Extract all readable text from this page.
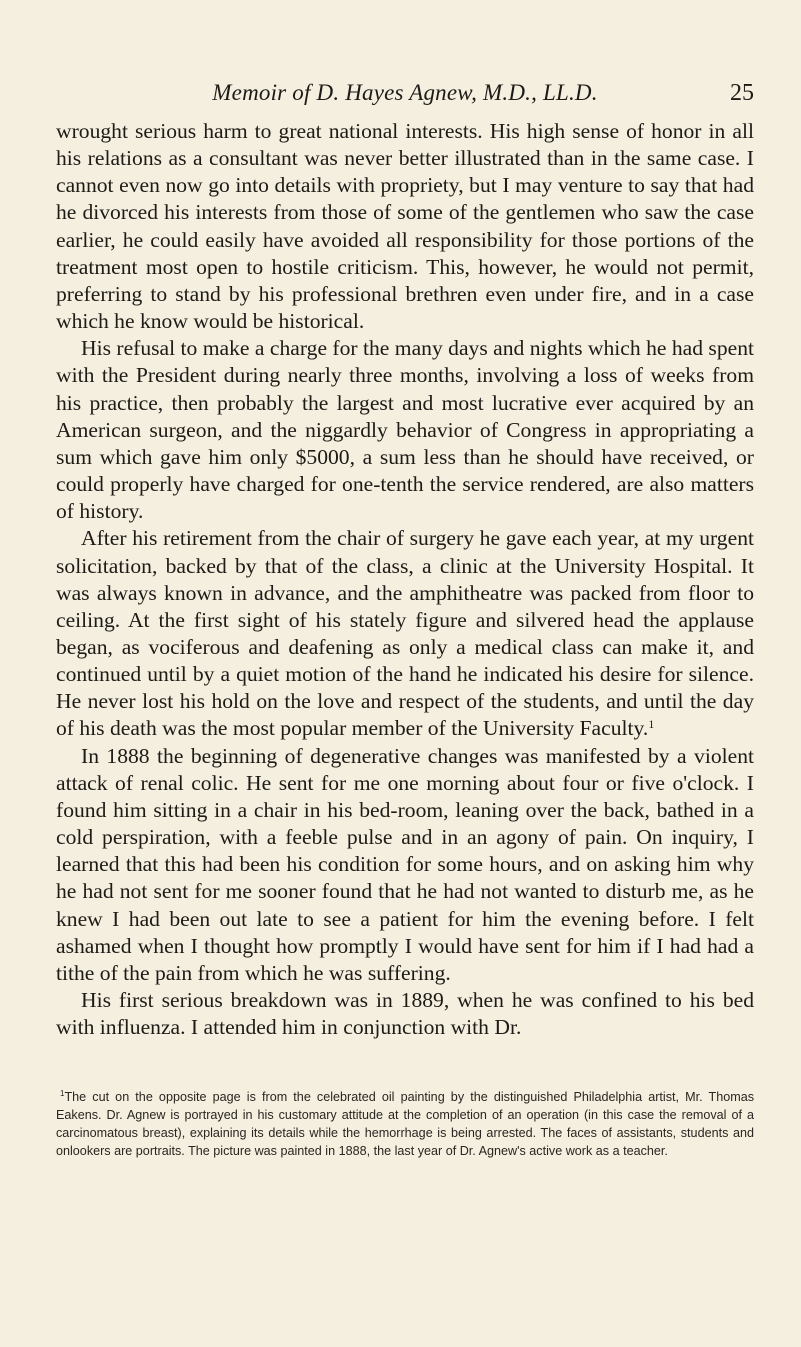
Memoir of D. Hayes Agnew, M.D., LL.D.	25

wrought serious harm to great national interests. His high sense of honor in all his relations as a consultant was never better illustrated than in the same case. I cannot even now go into details with propriety, but I may venture to say that had he divorced his interests from those of some of the gentlemen who saw the case earlier, he could easily have avoided all responsibility for those portions of the treatment most open to hostile criticism. This, however, he would not permit, preferring to stand by his professional brethren even under fire, and in a case which he know would be historical.

His refusal to make a charge for the many days and nights which he had spent with the President during nearly three months, involving a loss of weeks from his practice, then probably the largest and most lucrative ever acquired by an American surgeon, and the niggardly behavior of Congress in appropriating a sum which gave him only $5000, a sum less than he should have received, or could properly have charged for one-tenth the service rendered, are also matters of history.

After his retirement from the chair of surgery he gave each year, at my urgent solicitation, backed by that of the class, a clinic at the University Hospital. It was always known in advance, and the amphitheatre was packed from floor to ceiling. At the first sight of his stately figure and silvered head the applause began, as vociferous and deafening as only a medical class can make it, and continued until by a quiet motion of the hand he indicated his desire for silence. He never lost his hold on the love and respect of the students, and until the day of his death was the most popular member of the University Faculty.$^1$

In 1888 the beginning of degenerative changes was manifested by a violent attack of renal colic. He sent for me one morning about four or five o'clock. I found him sitting in a chair in his bed-room, leaning over the back, bathed in a cold perspiration, with a feeble pulse and in an agony of pain. On inquiry, I learned that this had been his condition for some hours, and on asking him why he had not sent for me sooner found that he had not wanted to disturb me, as he knew I had been out late to see a patient for him the evening before. I felt ashamed when I thought how promptly I would have sent for him if I had had a tithe of the pain from which he was suffering.

His first serious breakdown was in 1889, when he was confined to his bed with influenza. I attended him in conjunction with Dr.

$^1$The cut on the opposite page is from the celebrated oil painting by the distinguished Philadelphia artist, Mr. Thomas Eakens. Dr. Agnew is portrayed in his customary attitude at the completion of an operation (in this case the removal of a carcinomatous breast), explaining its details while the hemorrhage is being arrested. The faces of assistants, students and onlookers are portraits. The picture was painted in 1888, the last year of Dr. Agnew's active work as a teacher.
